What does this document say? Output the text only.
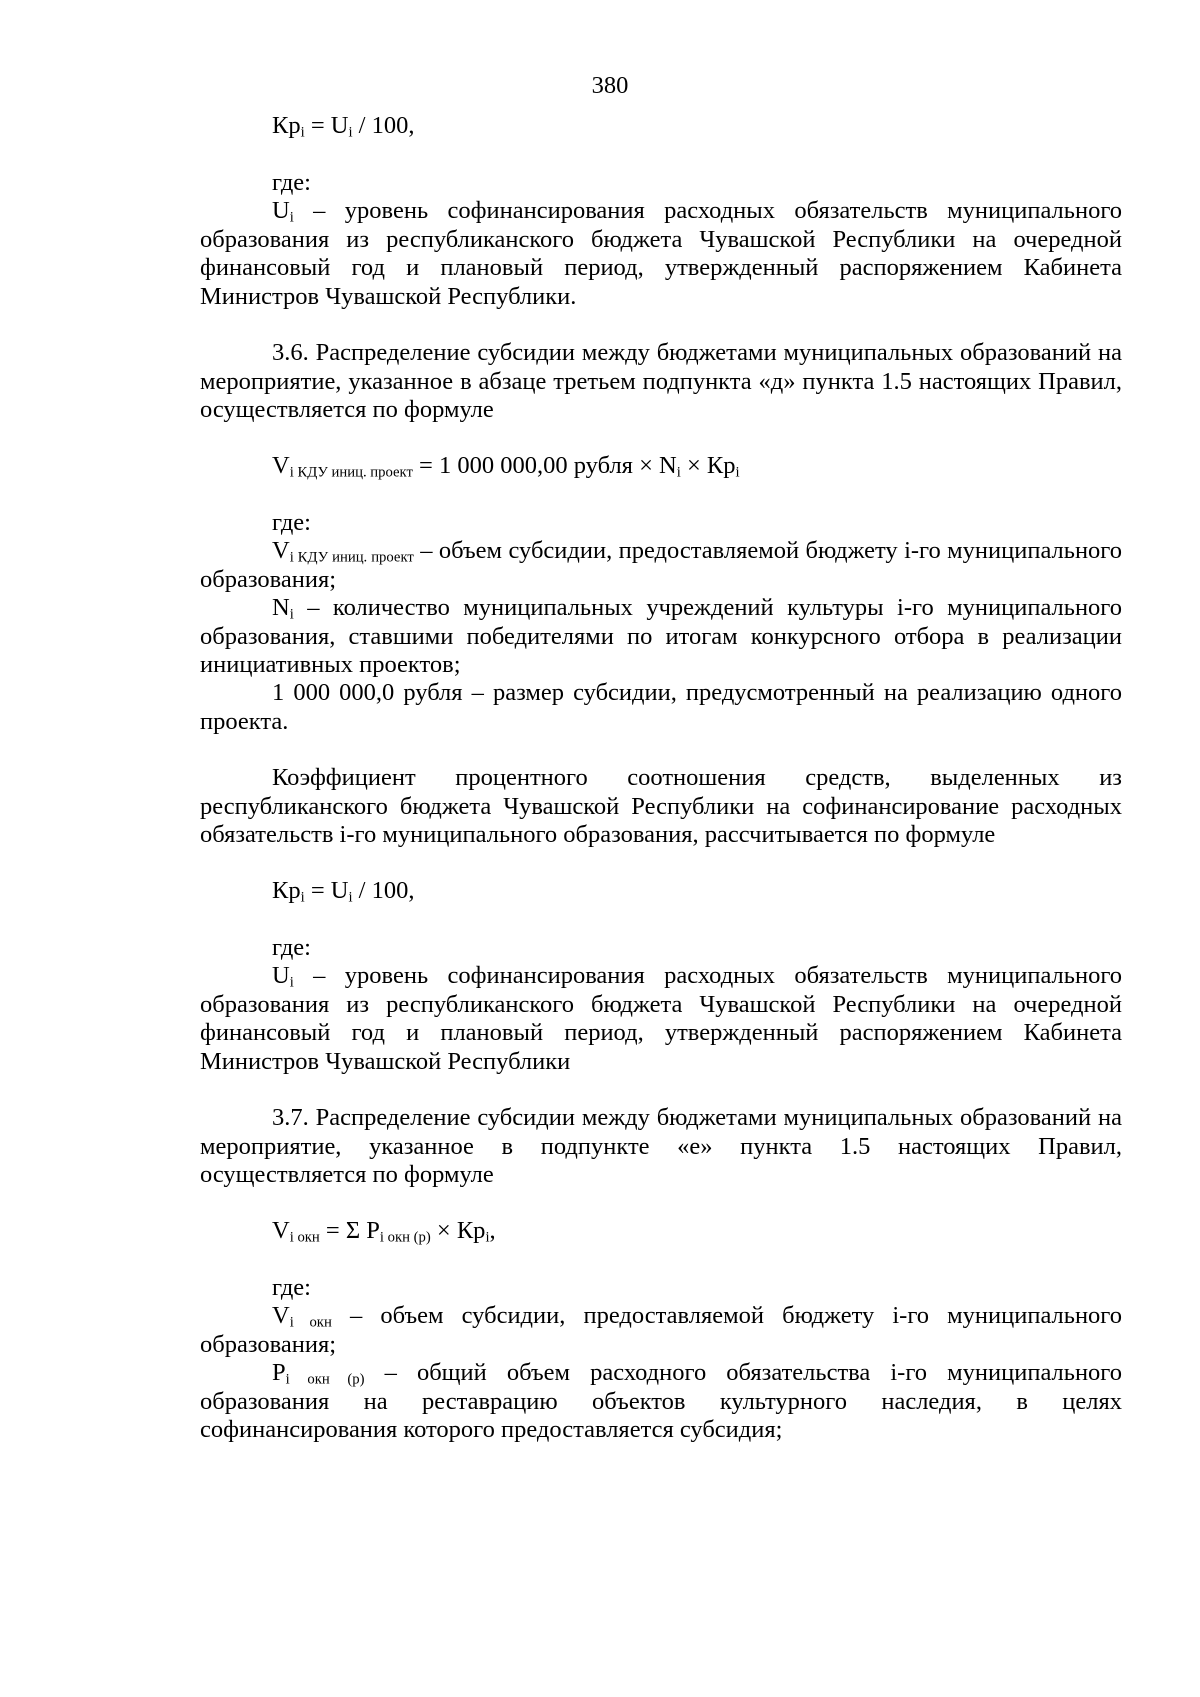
380
$Кр_i = U_i / 100$,
где:
$U_i$ – уровень софинансирования расходных обязательств муниципального образования из республиканского бюджета Чувашской Республики на очередной финансовый год и плановый период, утвержденный распоряжением Кабинета Министров Чувашской Республики.
3.6. Распределение субсидии между бюджетами муниципальных образований на мероприятие, указанное в абзаце третьем подпункта «д» пункта 1.5 настоящих Правил, осуществляется по формуле
$V_{i КДУ иниц. проект} = 1$ 000 000,00 рубля × $N_i \times Кр_i$
где:
$V_{i КДУ иниц. проект}$ – объем субсидии, предоставляемой бюджету i-го муниципального образования;
$N_i$ – количество муниципальных учреждений культуры i-го муниципального образования, ставшими победителями по итогам конкурсного отбора в реализации инициативных проектов;
1 000 000,0 рубля – размер субсидии, предусмотренный на реализацию одного проекта.
Коэффициент процентного соотношения средств, выделенных из республиканского бюджета Чувашской Республики на софинансирование расходных обязательств i-го муниципального образования, рассчитывается по формуле
$Кр_i = U_i / 100$,
где:
$U_i$ – уровень софинансирования расходных обязательств муниципального образования из республиканского бюджета Чувашской Республики на очередной финансовый год и плановый период, утвержденный распоряжением Кабинета Министров Чувашской Республики
3.7. Распределение субсидии между бюджетами муниципальных образований на мероприятие, указанное в подпункте «е» пункта 1.5 настоящих Правил, осуществляется по формуле
$V_{i окн} = \Sigma$ $P_{i окн (р)} \times Кр_i$,
где:
$V_{i окн}$ – объем субсидии, предоставляемой бюджету i-го муниципального образования;
$P_{i окн (р)}$ – общий объем расходного обязательства i-го муниципального образования на реставрацию объектов культурного наследия, в целях софинансирования которого предоставляется субсидия;
